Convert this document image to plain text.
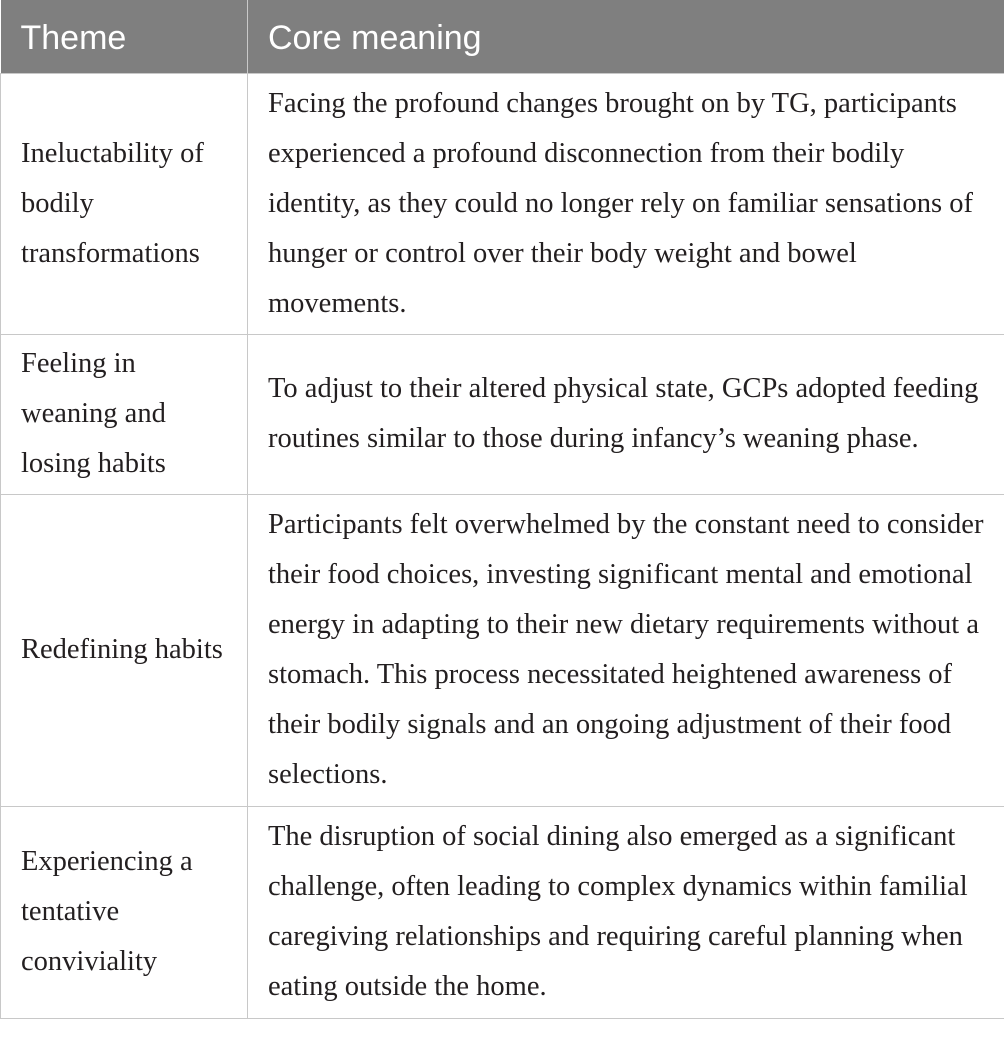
Theme	Core meaning
Ineluctability of bodily transformations	Facing the profound changes brought on by TG, participants experienced a profound disconnection from their bodily identity, as they could no longer rely on familiar sensations of hunger or control over their body weight and bowel movements.
Feeling in weaning and losing habits	To adjust to their altered physical state, GCPs adopted feeding routines similar to those during infancy’s weaning phase.
Redefining habits	Participants felt overwhelmed by the constant need to consider their food choices, investing significant mental and emotional energy in adapting to their new dietary requirements without a stomach. This process necessitated heightened awareness of their bodily signals and an ongoing adjustment of their food selections.
Experiencing a tentative conviviality	The disruption of social dining also emerged as a significant challenge, often leading to complex dynamics within familial caregiving relationships and requiring careful planning when eating outside the home.
